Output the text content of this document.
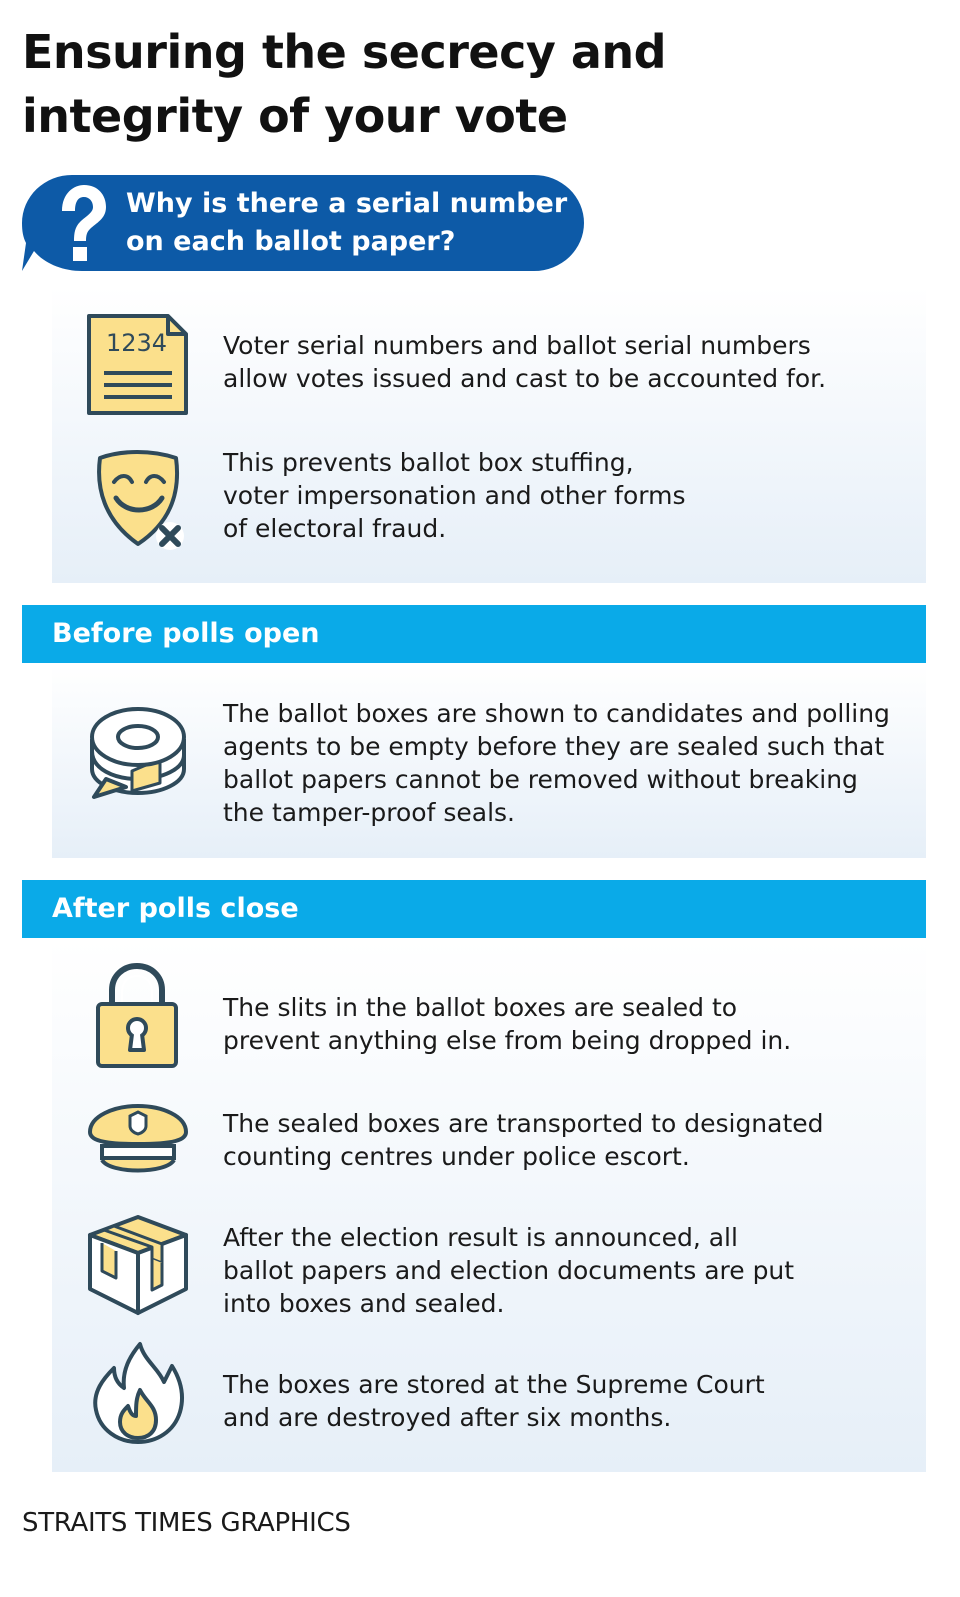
Ensuring the secrecy and
integrity of your vote
Why is there a serial number
on each ballot paper?
1234 Voter serial numbers and ballot serial numbers
allow votes issued and cast to be accounted for.
This prevents ballot box stuffing,
voter impersonation and other forms
of electoral fraud.
Before polls open
The ballot boxes are shown to candidates and polling
agents to be empty before they are sealed such that
ballot papers cannot be removed without breaking
the tamper-proof seals.
After polls close
The slits in the ballot boxes are sealed to
prevent anything else from being dropped in.
The sealed boxes are transported to designated
counting centres under police escort.
After the election result is announced, all
ballot papers and election documents are put
into boxes and sealed.
The boxes are stored at the Supreme Court
and are destroyed after six months.
STRAITS TIMES GRAPHICS
